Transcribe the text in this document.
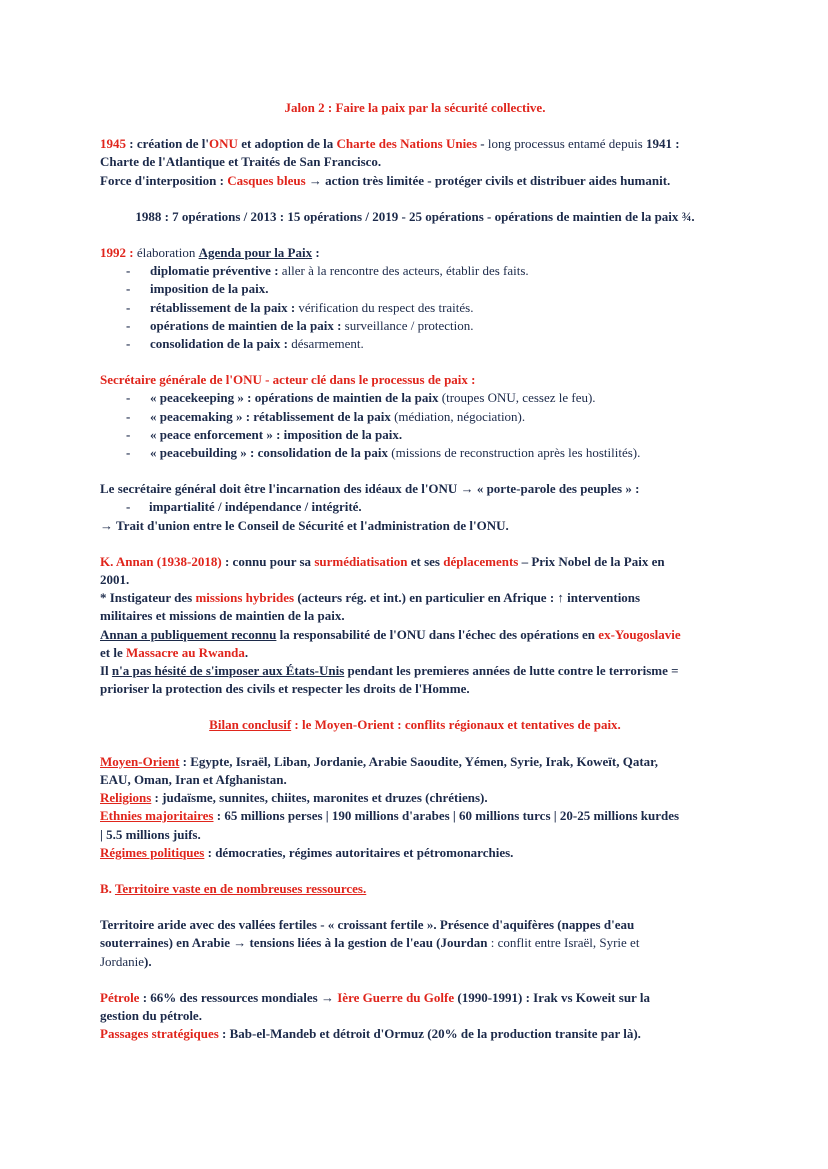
Jalon 2 : Faire la paix par la sécurité collective.

1945 : création de l'ONU et adoption de la Charte des Nations Unies - long processus entamé depuis 1941 :

Charte de l'Atlantique et Traités de San Francisco.

Force d'interposition : Casques bleus → action très limitée - protéger civils et distribuer aides humanit.

1988 : 7 opérations / 2013 : 15 opérations / 2019 - 25 opérations - opérations de maintien de la paix ¾.

1992 : élaboration Agenda pour la Paix :

- diplomatie préventive : aller à la rencontre des acteurs, établir des faits.
- imposition de la paix.
- rétablissement de la paix : vérification du respect des traités.
- opérations de maintien de la paix : surveillance / protection.
- consolidation de la paix : désarmement.

Secrétaire générale de l'ONU - acteur clé dans le processus de paix :

- « peacekeeping » : opérations de maintien de la paix (troupes ONU, cessez le feu).
- « peacemaking » : rétablissement de la paix (médiation, négociation).
- « peace enforcement » : imposition de la paix.
- « peacebuilding » : consolidation de la paix (missions de reconstruction après les hostilités).

Le secrétaire général doit être l'incarnation des idéaux de l'ONU → « porte-parole des peuples » :

- impartialité / indépendance / intégrité.

→ Trait d'union entre le Conseil de Sécurité et l'administration de l'ONU.

K. Annan (1938-2018) : connu pour sa surmédiatisation et ses déplacements – Prix Nobel de la Paix en

2001.

* Instigateur des missions hybrides (acteurs rég. et int.) en particulier en Afrique : ↑ interventions

militaires et missions de maintien de la paix.

Annan a publiquement reconnu la responsabilité de l'ONU dans l'échec des opérations en ex-Yougoslavie

et le Massacre au Rwanda.

Il n'a pas hésité de s'imposer aux États-Unis pendant les premieres années de lutte contre le terrorisme =

prioriser la protection des civils et respecter les droits de l'Homme.

Bilan conclusif : le Moyen-Orient : conflits régionaux et tentatives de paix.

Moyen-Orient : Egypte, Israël, Liban, Jordanie, Arabie Saoudite, Yémen, Syrie, Irak, Koweït, Qatar,

EAU, Oman, Iran et Afghanistan.

Religions : judaïsme, sunnites, chiites, maronites et druzes (chrétiens).

Ethnies majoritaires : 65 millions perses | 190 millions d'arabes | 60 millions turcs | 20-25 millions kurdes

| 5.5 millions juifs.

Régimes politiques : démocraties, régimes autoritaires et pétromonarchies.

B. Territoire vaste en de nombreuses ressources.

Territoire aride avec des vallées fertiles - « croissant fertile ». Présence d'aquifères (nappes d'eau

souterraines) en Arabie → tensions liées à la gestion de l'eau (Jourdan : conflit entre Israël, Syrie et

Jordanie).

Pétrole : 66% des ressources mondiales → Ière Guerre du Golfe (1990-1991) : Irak vs Koweit sur la

gestion du pétrole.

Passages stratégiques : Bab-el-Mandeb et détroit d'Ormuz (20% de la production transite par là).
